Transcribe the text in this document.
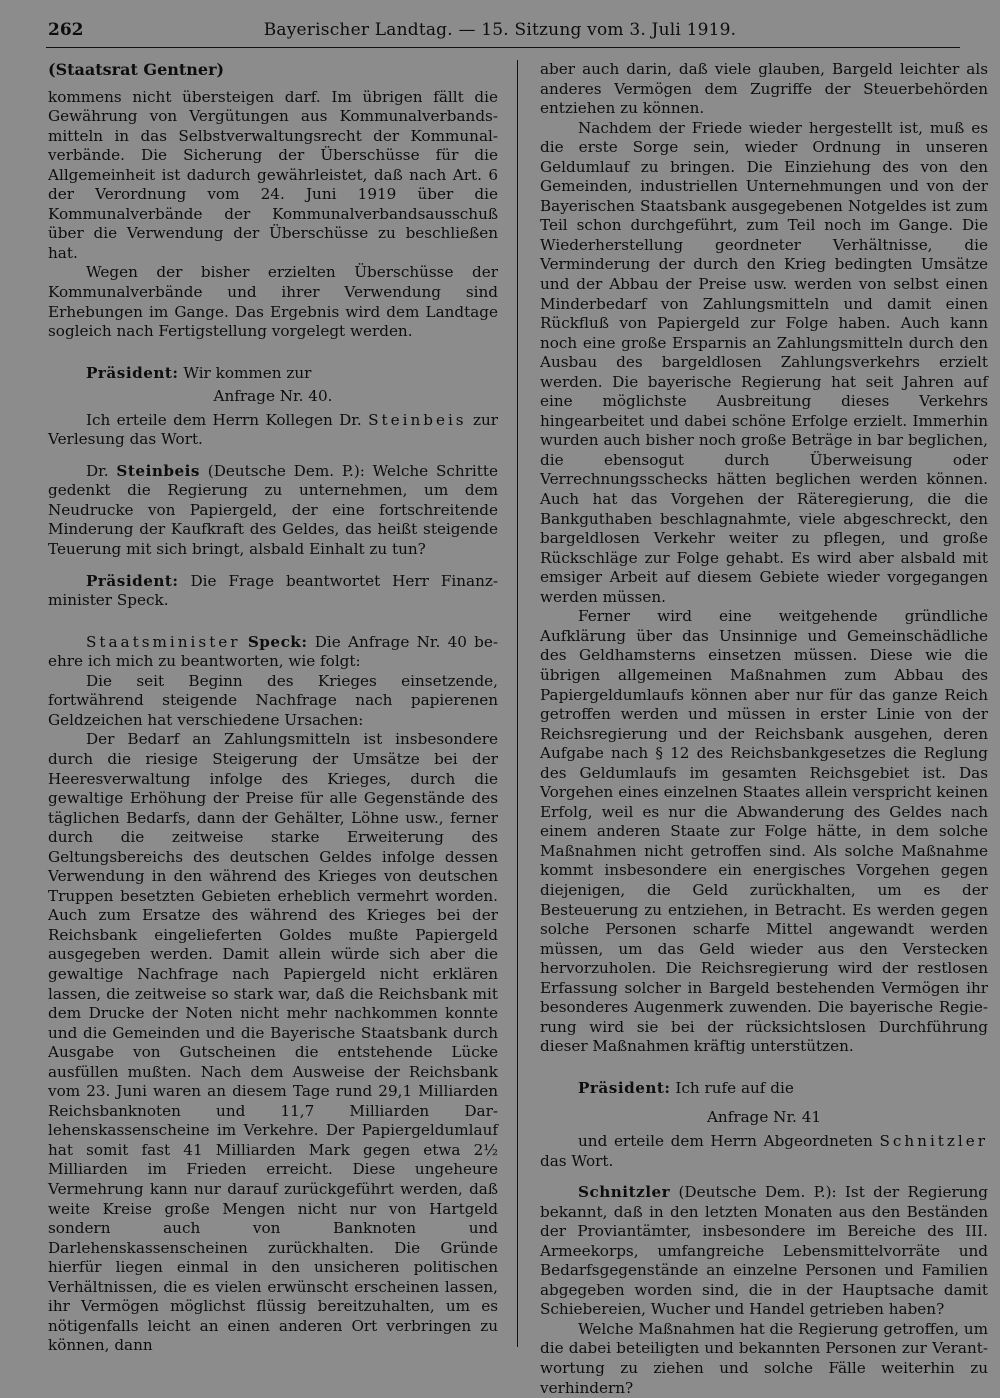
262	Bayerischer Landtag. — 15. Sitzung vom 3. Juli 1919.
(Staatsrat Gentner)

kommens nicht übersteigen darf. Im übrigen fällt die Gewährung von Vergütungen aus Kommunalverbandsmitteln in das Selbstverwaltungsrecht der Kommunalverbände. Die Sicherung der Überschüsse für die Allgemeinheit ist dadurch gewährleistet, daß nach Art. 6 der Verordnung vom 24. Juni 1919 über die Kommunalverbände der Kommunalverbandsausschuß über die Verwendung der Überschüsse zu beschließen hat.

Wegen der bisher erzielten Überschüsse der Kommunalverbände und ihrer Verwendung sind Erhebungen im Gange. Das Ergebnis wird dem Landtage sogleich nach Fertigstellung vorgelegt werden.

Präsident: Wir kommen zur

Anfrage Nr. 40.

Ich erteile dem Herrn Kollegen Dr. Steinbeis zur Verlesung das Wort.

Dr. Steinbeis (Deutsche Dem. P.): Welche Schritte gedenkt die Regierung zu unternehmen, um dem Neudrucke von Papiergeld, der eine fortschreitende Minderung der Kaufkraft des Geldes, das heißt steigende Teuerung mit sich bringt, alsbald Einhalt zu tun?

Präsident: Die Frage beantwortet Herr Finanzminister Speck.

Staatsminister Speck: Die Anfrage Nr. 40 beehre ich mich zu beantworten, wie folgt:

Die seit Beginn des Krieges einsetzende, fortwährend steigende Nachfrage nach papierenen Geldzeichen hat verschiedene Ursachen:

Der Bedarf an Zahlungsmitteln ist insbesondere durch die riesige Steigerung der Umsätze bei der Heeresverwaltung infolge des Krieges, durch die gewaltige Erhöhung der Preise für alle Gegenstände des täglichen Bedarfs, dann der Gehälter, Löhne usw., ferner durch die zeitweise starke Erweiterung des Geltungsbereichs des deutschen Geldes infolge dessen Verwendung in den während des Krieges von deutschen Truppen besetzten Gebieten erheblich vermehrt worden. Auch zum Ersatze des während des Krieges bei der Reichsbank eingelieferten Goldes mußte Papiergeld ausgegeben werden. Damit allein würde sich aber die gewaltige Nachfrage nach Papiergeld nicht erklären lassen, die zeitweise so stark war, daß die Reichsbank mit dem Drucke der Noten nicht mehr nachkommen konnte und die Gemeinden und die Bayerische Staatsbank durch Ausgabe von Gutscheinen die entstehende Lücke ausfüllen mußten. Nach dem Ausweise der Reichsbank vom 23. Juni waren an diesem Tage rund 29,1 Milliarden Reichsbanknoten und 11,7 Milliarden Darlehenskassenscheine im Verkehre. Der Papiergeldumlauf hat somit fast 41 Milliarden Mark gegen etwa 2½ Milliarden im Frieden erreicht. Diese ungeheure Vermehrung kann nur darauf zurückgeführt werden, daß weite Kreise große Mengen nicht nur von Hartgeld sondern auch von Banknoten und Darlehenskassenscheinen zurückhalten. Die Gründe hierfür liegen einmal in den unsicheren politischen Verhältnissen, die es vielen erwünscht erscheinen lassen, ihr Vermögen möglichst flüssig bereitzuhalten, um es nötigenfalls leicht an einen anderen Ort verbringen zu können, dann

aber auch darin, daß viele glauben, Bargeld leichter als anderes Vermögen dem Zugriffe der Steuerbehörden entziehen zu können.

Nachdem der Friede wieder hergestellt ist, muß es die erste Sorge sein, wieder Ordnung in unseren Geldumlauf zu bringen. Die Einziehung des von den Gemeinden, industriellen Unternehmungen und von der Bayerischen Staatsbank ausgegebenen Notgeldes ist zum Teil schon durchgeführt, zum Teil noch im Gange. Die Wiederherstellung geordneter Verhältnisse, die Verminderung der durch den Krieg bedingten Umsätze und der Abbau der Preise usw. werden von selbst einen Minderbedarf von Zahlungsmitteln und damit einen Rückfluß von Papiergeld zur Folge haben. Auch kann noch eine große Ersparnis an Zahlungsmitteln durch den Ausbau des bargeldlosen Zahlungsverkehrs erzielt werden. Die bayerische Regierung hat seit Jahren auf eine möglichste Ausbreitung dieses Verkehrs hingearbeitet und dabei schöne Erfolge erzielt. Immerhin wurden auch bisher noch große Beträge in bar beglichen, die ebensogut durch Überweisung oder Verrechnungsschecks hätten beglichen werden können. Auch hat das Vorgehen der Räteregierung, die die Bankguthaben beschlagnahmte, viele abgeschreckt, den bargeldlosen Verkehr weiter zu pflegen, und große Rückschläge zur Folge gehabt. Es wird aber alsbald mit emsiger Arbeit auf diesem Gebiete wieder vorgegangen werden müssen.

Ferner wird eine weitgehende gründliche Aufklärung über das Unsinnige und Gemeinschädliche des Geldhamsterns einsetzen müssen. Diese wie die übrigen allgemeinen Maßnahmen zum Abbau des Papiergeldumlaufs können aber nur für das ganze Reich getroffen werden und müssen in erster Linie von der Reichsregierung und der Reichsbank ausgehen, deren Aufgabe nach § 12 des Reichsbankgesetzes die Reglung des Geldumlaufs im gesamten Reichsgebiet ist. Das Vorgehen eines einzelnen Staates allein verspricht keinen Erfolg, weil es nur die Abwanderung des Geldes nach einem anderen Staate zur Folge hätte, in dem solche Maßnahmen nicht getroffen sind. Als solche Maßnahme kommt insbesondere ein energisches Vorgehen gegen diejenigen, die Geld zurückhalten, um es der Besteuerung zu entziehen, in Betracht. Es werden gegen solche Personen scharfe Mittel angewandt werden müssen, um das Geld wieder aus den Verstecken hervorzuholen. Die Reichsregierung wird der restlosen Erfassung solcher in Bargeld bestehenden Vermögen ihr besonderes Augenmerk zuwenden. Die bayerische Regierung wird sie bei der rücksichtslosen Durchführung dieser Maßnahmen kräftig unterstützen.

Präsident: Ich rufe auf die

Anfrage Nr. 41

und erteile dem Herrn Abgeordneten Schnitzler das Wort.

Schnitzler (Deutsche Dem. P.): Ist der Regierung bekannt, daß in den letzten Monaten aus den Beständen der Proviantämter, insbesondere im Bereiche des III. Armeekorps, umfangreiche Lebensmittelvorräte und Bedarfsgegenstände an einzelne Personen und Familien abgegeben worden sind, die in der Hauptsache damit Schiebereien, Wucher und Handel getrieben haben?

Welche Maßnahmen hat die Regierung getroffen, um die dabei beteiligten und bekannten Personen zur Verantwortung zu ziehen und solche Fälle weiterhin zu verhindern?
